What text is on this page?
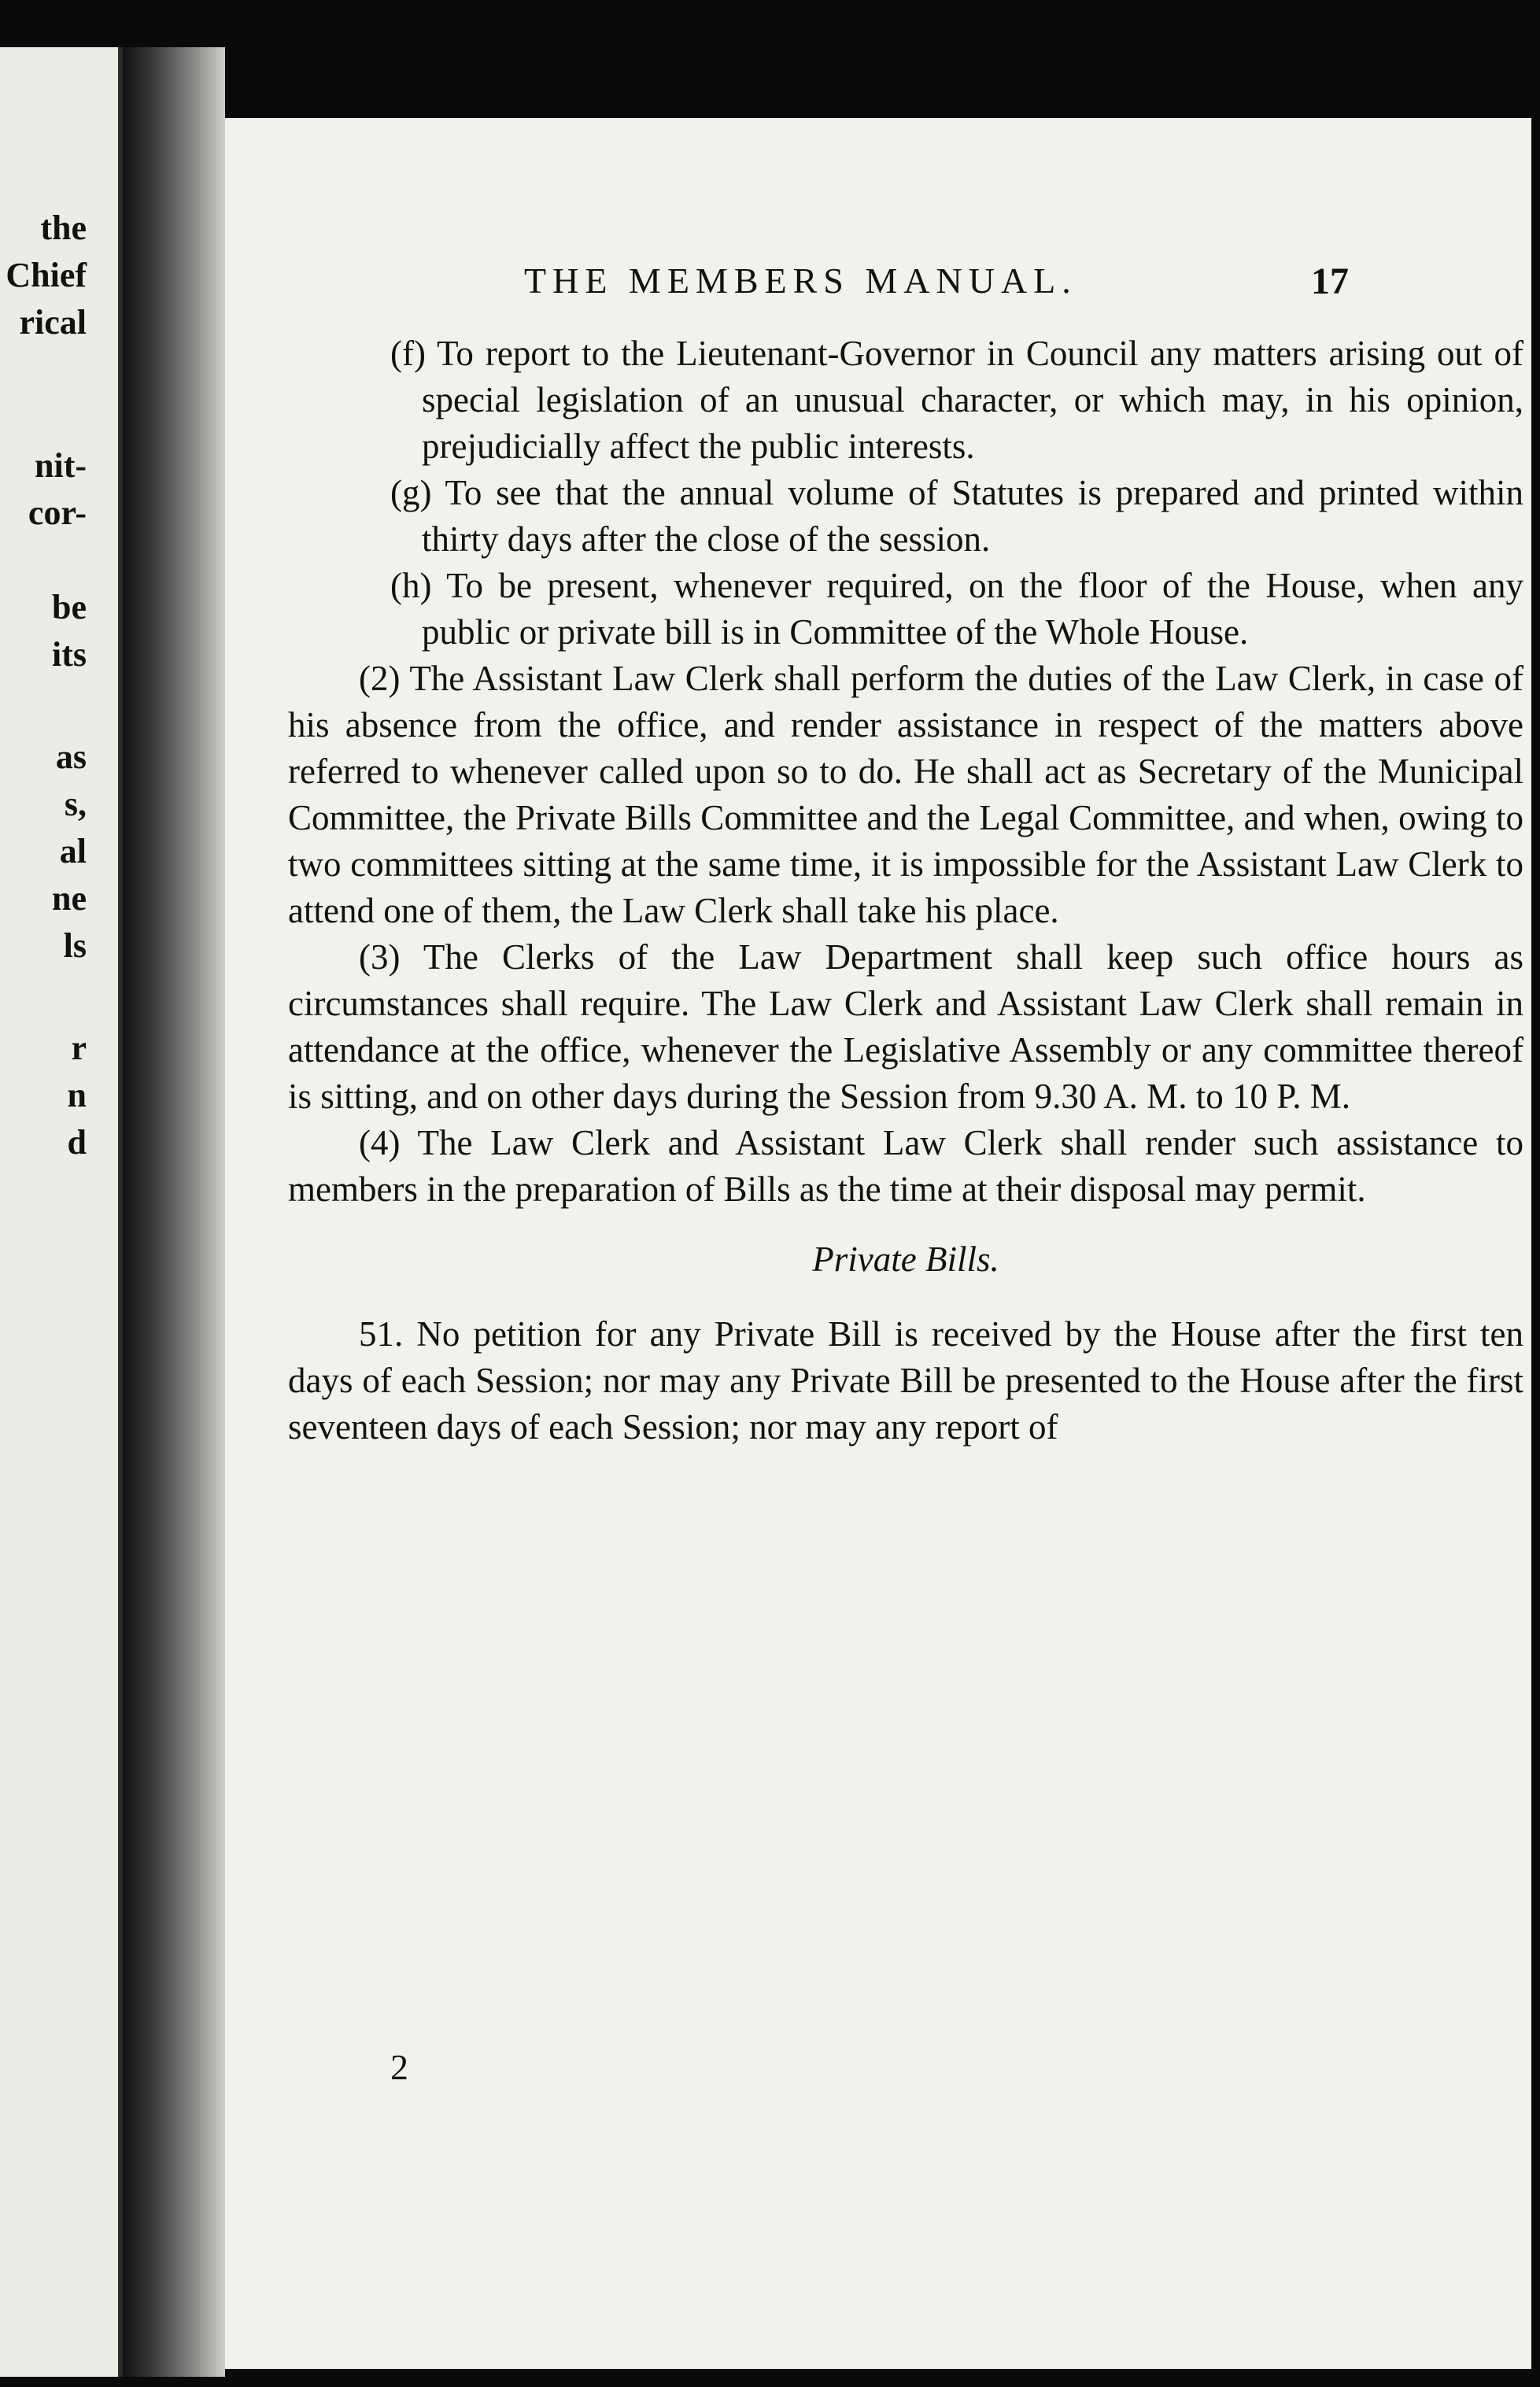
the

Chief

rical

nit-

cor-

be

its

as

s,

al

ne

ls

r

n

d

THE MEMBERS MANUAL.	17

(f) To report to the Lieutenant-Governor in Council any matters arising out of special legislation of an unusual character, or which may, in his opinion, prejudicially affect the public interests.

(g) To see that the annual volume of Statutes is prepared and printed within thirty days after the close of the session.

(h) To be present, whenever required, on the floor of the House, when any public or private bill is in Committee of the Whole House.

(2) The Assistant Law Clerk shall perform the duties of the Law Clerk, in case of his absence from the office, and render assistance in respect of the matters above referred to whenever called upon so to do. He shall act as Secretary of the Municipal Committee, the Private Bills Committee and the Legal Committee, and when, owing to two committees sitting at the same time, it is impossible for the Assistant Law Clerk to attend one of them, the Law Clerk shall take his place.

(3) The Clerks of the Law Department shall keep such office hours as circumstances shall require. The Law Clerk and Assistant Law Clerk shall remain in attendance at the office, whenever the Legislative Assembly or any committee thereof is sitting, and on other days during the Session from 9.30 A. M. to 10 P. M.

(4) The Law Clerk and Assistant Law Clerk shall render such assistance to members in the preparation of Bills as the time at their disposal may permit.

Private Bills.

51. No petition for any Private Bill is received by the House after the first ten days of each Session; nor may any Private Bill be presented to the House after the first seventeen days of each Session; nor may any report of

2
